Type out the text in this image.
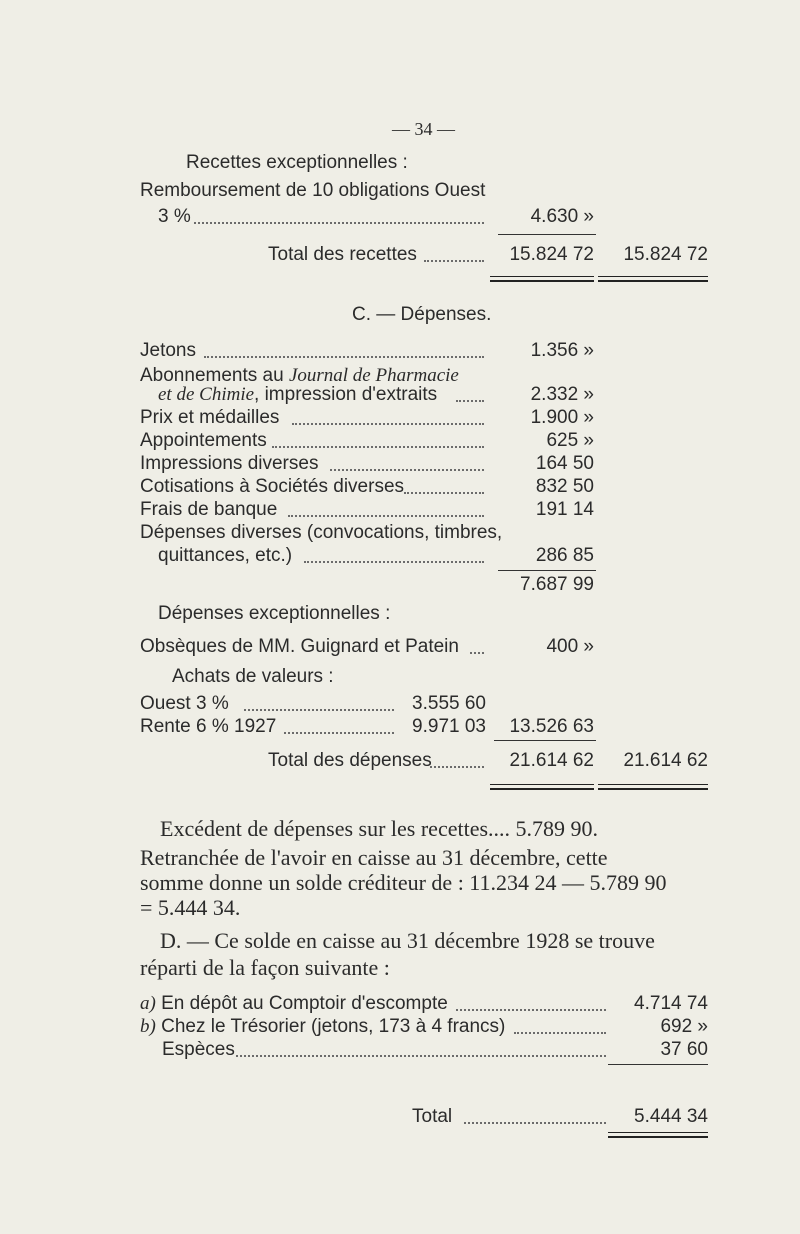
— 34 —
Recettes exceptionnelles :
Remboursement de 10 obligations Ouest
3 %	4.630 »
Total des recettes	15.824 72	15.824 72
C. — Dépenses.
Jetons	1.356 »
Abonnements au Journal de Pharmacie
et de Chimie, impression d'extraits	2.332 »
Prix et médailles	1.900 »
Appointements	625 »
Impressions diverses	164 50
Cotisations à Sociétés diverses	832 50
Frais de banque	191 14
Dépenses diverses (convocations, timbres,
quittances, etc.)	286 85
7.687 99
Dépenses exceptionnelles :
Obsèques de MM. Guignard et Patein	400 »
Achats de valeurs :
Ouest 3 %	3.555 60
Rente 6 % 1927	9.971 03	13.526 63
Total des dépenses	21.614 62	21.614 62
Excédent de dépenses sur les recettes.... 5.789 90.
Retranchée de l'avoir en caisse au 31 décembre, cette
somme donne un solde créditeur de : 11.234 24 — 5.789 90
= 5.444 34.
D. — Ce solde en caisse au 31 décembre 1928 se trouve
réparti de la façon suivante :
a) En dépôt au Comptoir d'escompte	4.714 74
b) Chez le Trésorier (jetons, 173 à 4 francs)	692 »
Espèces	37 60
Total	5.444 34
